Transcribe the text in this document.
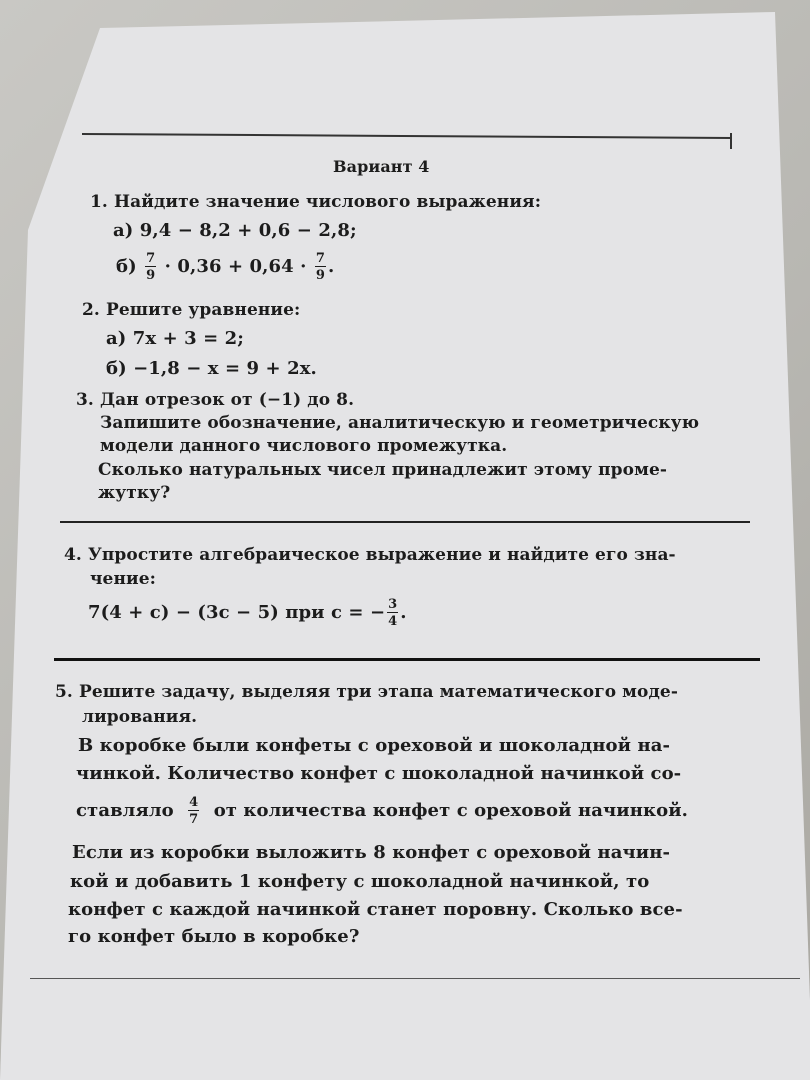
Вариант 4
1. Найдите значение числового выражения:
а) 9,4 − 8,2 + 0,6 − 2,8;
$б) \frac{7}{9} \cdot 0,36 + 0,64 \cdot \frac{7}{9}$ .
2. Решите уравнение:
а) 7x + 3 = 2;
б) −1,8 − x = 9 + 2x.
3. Дан отрезок от (−1) до 8.
Запишите обозначение, аналитическую и геометрическую
модели данного числового промежутка.
Сколько натуральных чисел принадлежит этому проме-
жутку?
4. Упростите алгебраическое выражение и найдите его зна-
чение:
7(4 + c) − (3c − 5) при c = − $\frac{3}{4}$ .
5. Решите задачу, выделяя три этапа математического моде-
лирования.
В коробке были конфеты с ореховой и шоколадной на-
чинкой. Количество конфет с шоколадной начинкой со-
ставляло $\frac{4}{7}$ от количества конфет с ореховой начинкой.
Если из коробки выложить 8 конфет с ореховой начин-
кой и добавить 1 конфету с шоколадной начинкой, то
конфет с каждой начинкой станет поровну. Сколько все-
го конфет было в коробке?
